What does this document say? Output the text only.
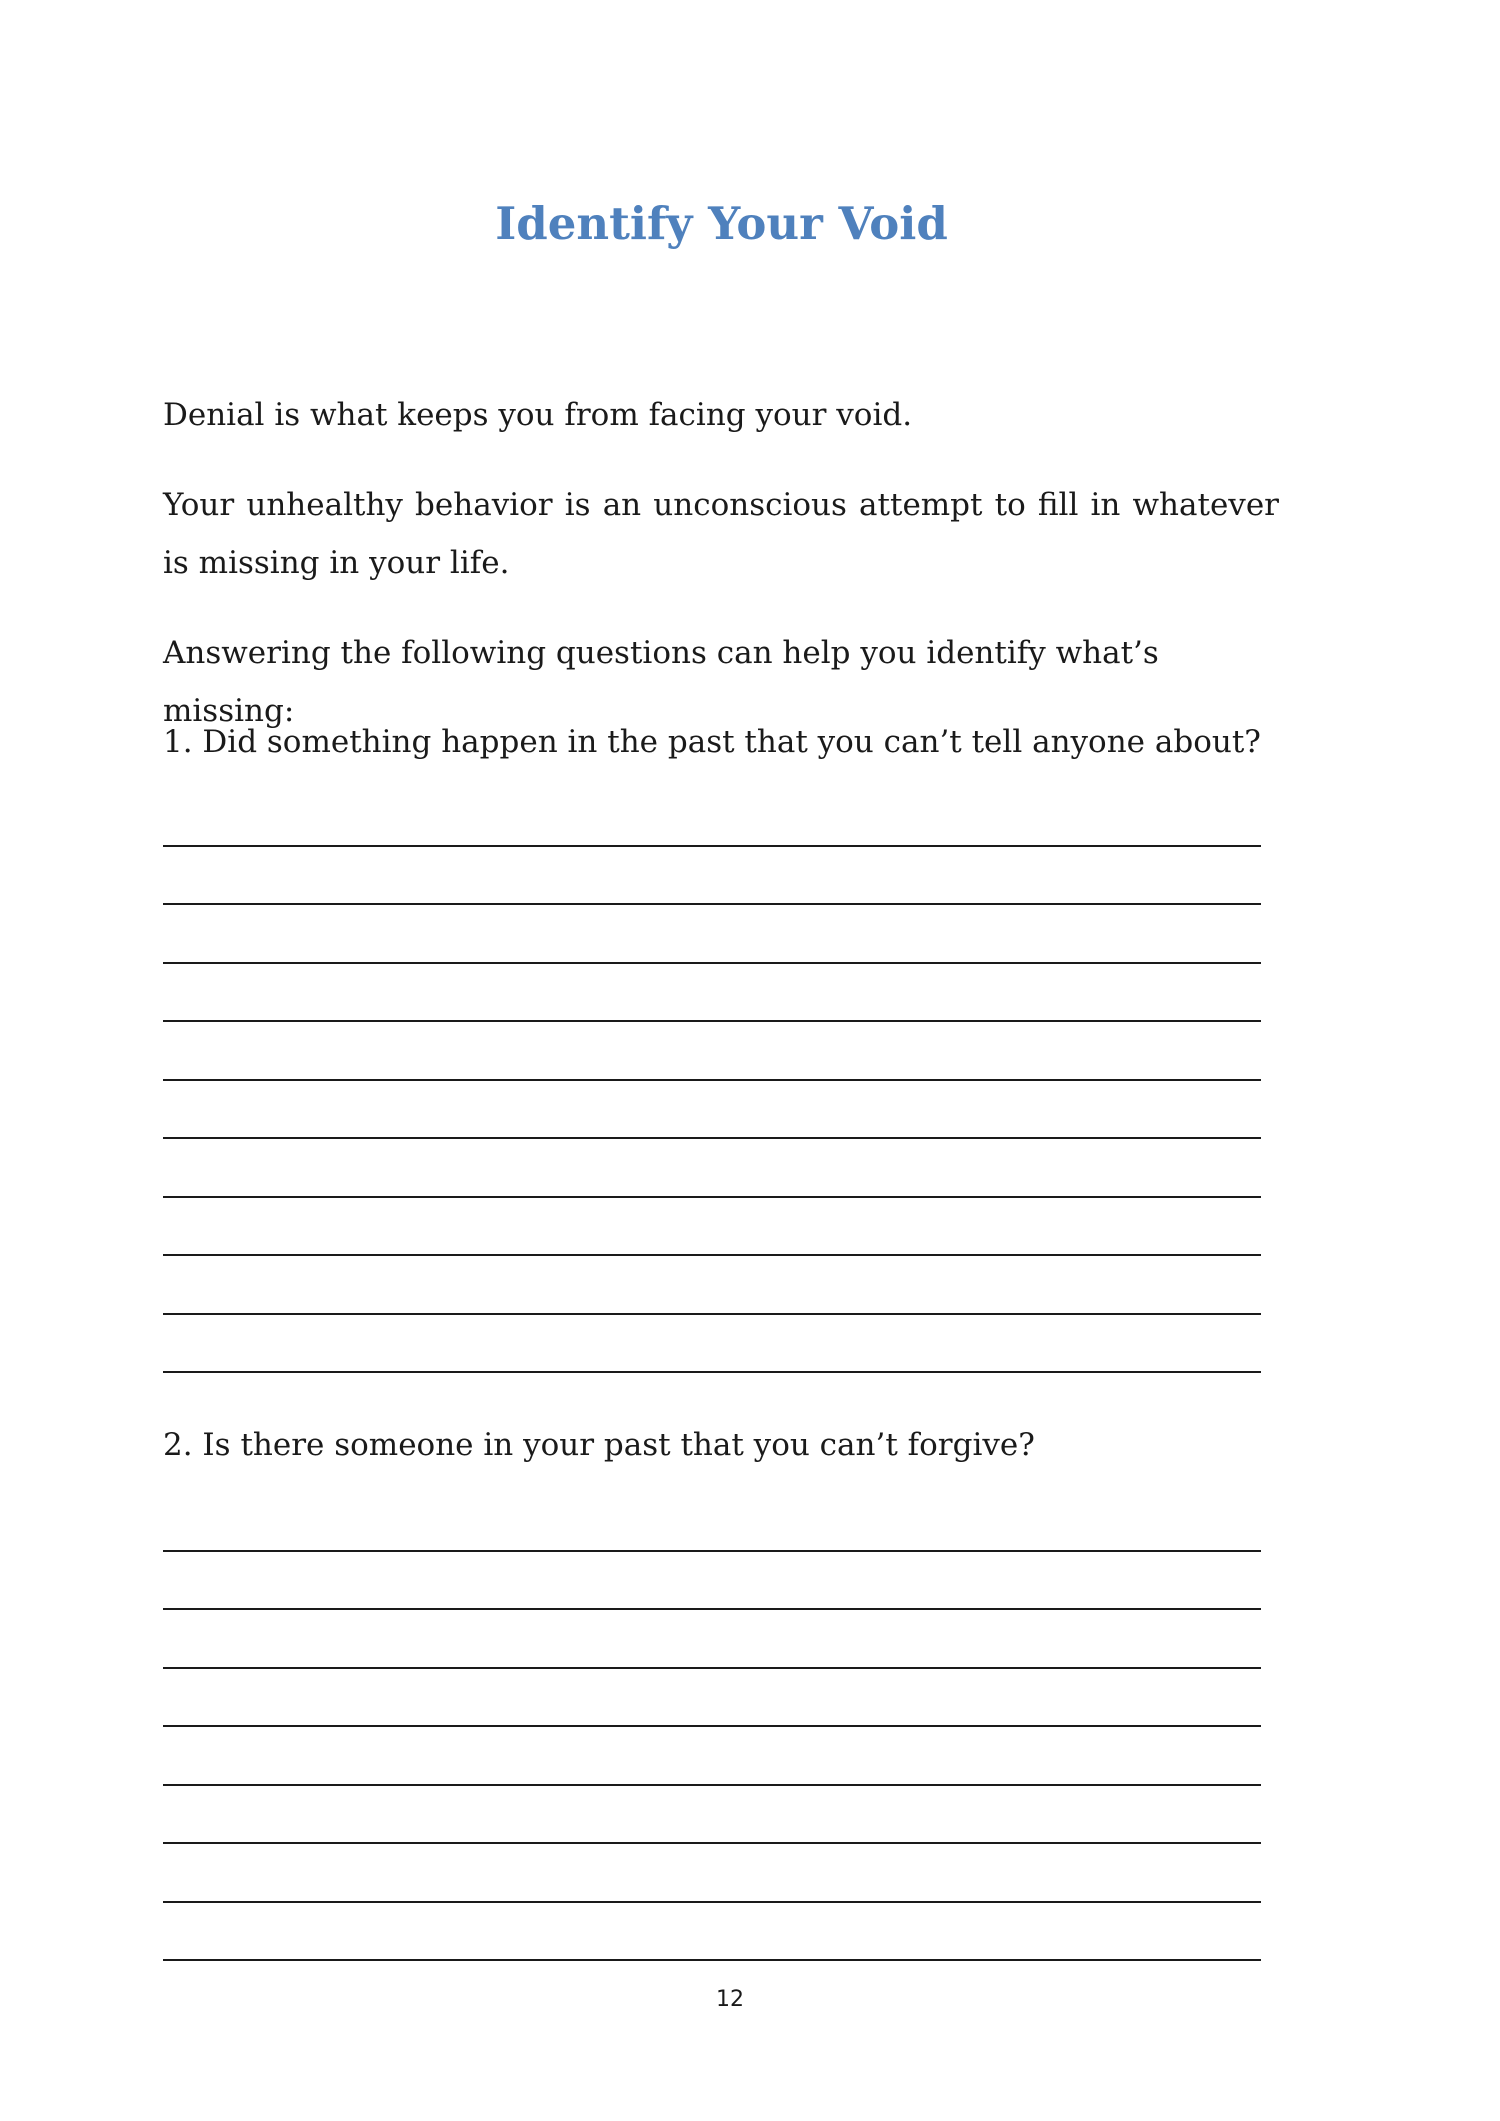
Identify Your Void

Denial is what keeps you from facing your void.

Your unhealthy behavior is an unconscious attempt to fill in whatever is missing in your life.

Answering the following questions can help you identify what’s missing:

1. Did something happen in the past that you can’t tell anyone about?

2. Is there someone in your past that you can’t forgive?

12
